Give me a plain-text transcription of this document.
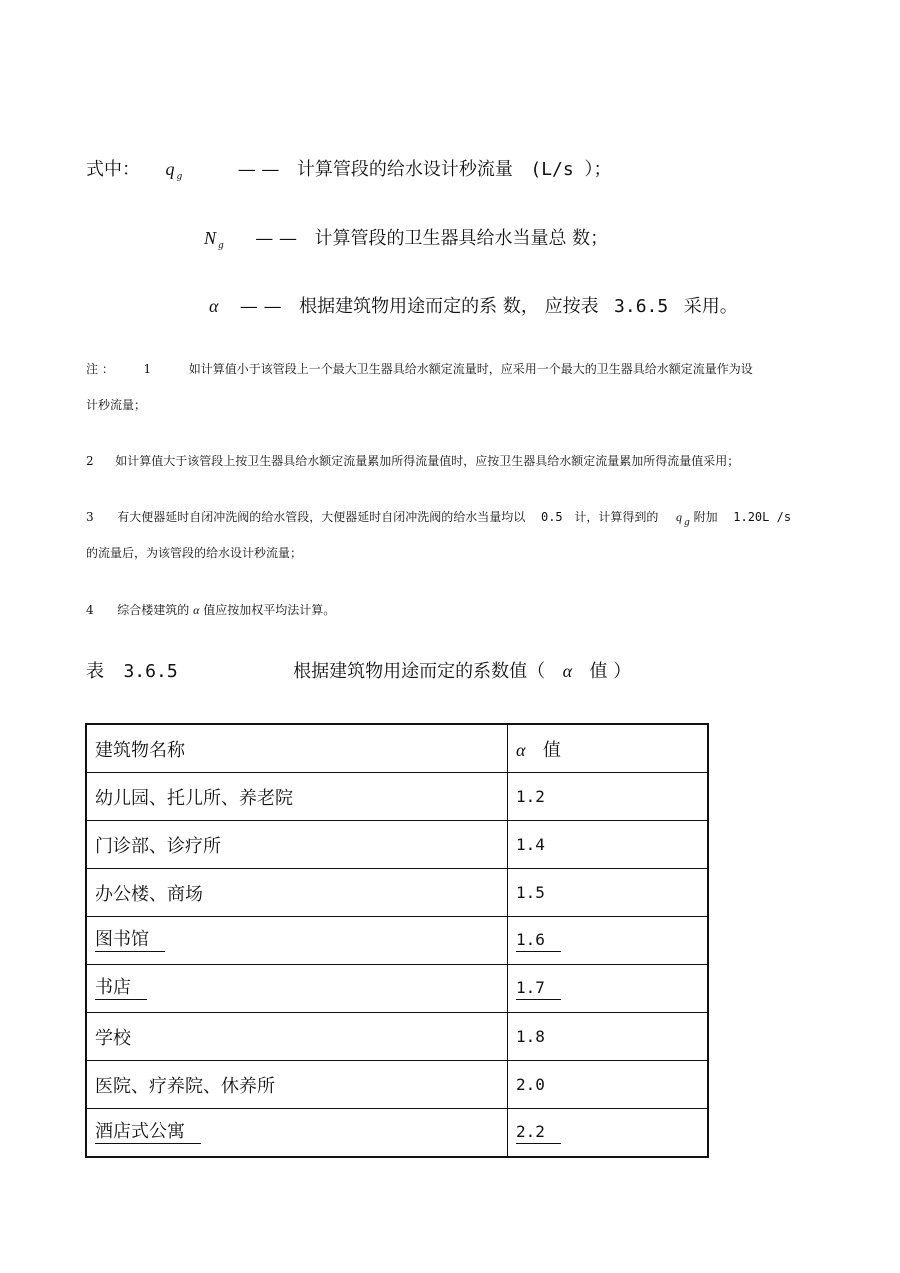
式中： q $_g$	— — 计算管段的给水设计秒流量 (L/s ）；
N $_g$ — — 计算管段的卫生器具给水当量总 数；
α — — 根据建筑物用途而定的系 数， 应按表 3.6.5 采用。
注 ： 1	如计算值小于该管段上一个最大卫生器具给水额定流量时，应采用一个最大的卫生器具给水额定流量作为设
计秒流量；
2 如计算值大于该管段上按卫生器具给水额定流量累加所得流量值时，应按卫生器具给水额定流量累加所得流量值采用；
3 有大便器延时自闭冲洗阀的给水管段，大便器延时自闭冲洗阀的给水当量均以 0.5 计，计算得到的 q $_g$ 附加 1.20L /s
的流量后，为该管段的给水设计秒流量；
4 综合楼建筑的 α 值应按加权平均法计算。
表 3.6.5	根据建筑物用途而定的系数值（ α 值 ）
建筑物名称	α 值
幼儿园、托儿所、养老院	1.2
门诊部、诊疗所	1.4
办公楼、商场	1.5
图书馆	1.6
书店	1.7
学校	1.8
医院、疗养院、休养所	2.0
酒店式公寓	2.2
